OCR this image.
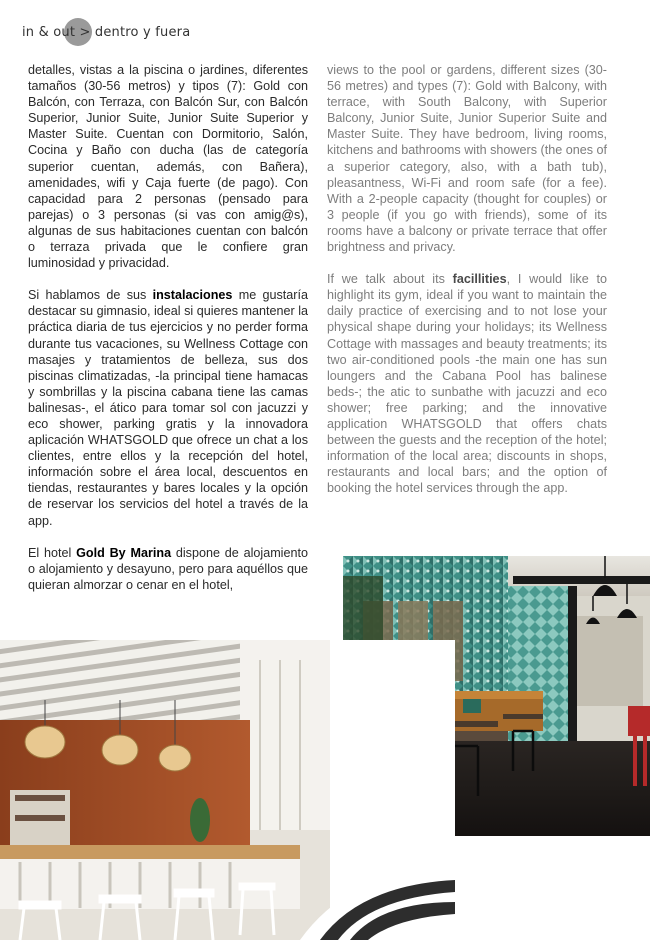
in & out > dentro y fuera

detalles, vistas a la piscina o jardines, diferentes tamaños (30-56 metros) y tipos (7): Gold con Balcón, con Terraza, con Balcón Sur, con Balcón Superior, Junior Suite, Junior Suite Superior y Master Suite. Cuentan con Dormitorio, Salón, Cocina y Baño con ducha (las de categoría superior cuentan, además, con Bañera), amenidades, wifi y Caja fuerte (de pago). Con capacidad para 2 personas (pensado para parejas) o 3 personas (si vas con amig@s), algunas de sus habitaciones cuentan con balcón o terraza privada que le confiere gran luminosidad y privacidad.

Si hablamos de sus instalaciones me gustaría destacar su gimnasio, ideal si quieres mantener la práctica diaria de tus ejercicios y no perder forma durante tus vacaciones, su Wellness Cottage con masajes y tratamientos de belleza, sus dos piscinas climatizadas, -la principal tiene hamacas y sombrillas y la piscina cabana tiene las camas balinesas-, el ático para tomar sol con jacuzzi y eco shower, parking gratis y la innovadora aplicación WHATSGOLD que ofrece un chat a los clientes, entre ellos y la recepción del hotel, información sobre el área local, descuentos en tiendas, restaurantes y bares locales y la opción de reservar los servicios del hotel a través de la app.

El hotel Gold By Marina dispone de alojamiento o alojamiento y desayuno, pero para aquéllos que quieran almorzar o cenar en el hotel,

views to the pool or gardens, different sizes (30-56 metres) and types (7): Gold with Balcony, with terrace, with South Balcony, with Superior Balcony, Junior Suite, Junior Superior Suite and Master Suite. They have bedroom, living rooms, kitchens and bathrooms with showers (the ones of a superior category, also, with a bath tub), pleasantness, Wi-Fi and room safe (for a fee). With a 2-people capacity (thought for couples) or 3 people (if you go with friends), some of its rooms have a balcony or private terrace that offer brightness and privacy.

If we talk about its facillities, I would like to highlight its gym, ideal if you want to maintain the daily practice of exercising and to not lose your physical shape during your holidays; its Wellness Cottage with massages and beauty treatments; its two air-conditioned pools -the main one has sun loungers and the Cabana Pool has balinese beds-; the atic to sunbathe with jacuzzi and eco shower; free parking; and the innovative application WHATSGOLD that offers chats between the guests and the reception of the hotel; information of the local area; discounts in shops, restaurants and local bars; and the option of booking the hotel services through the app.
